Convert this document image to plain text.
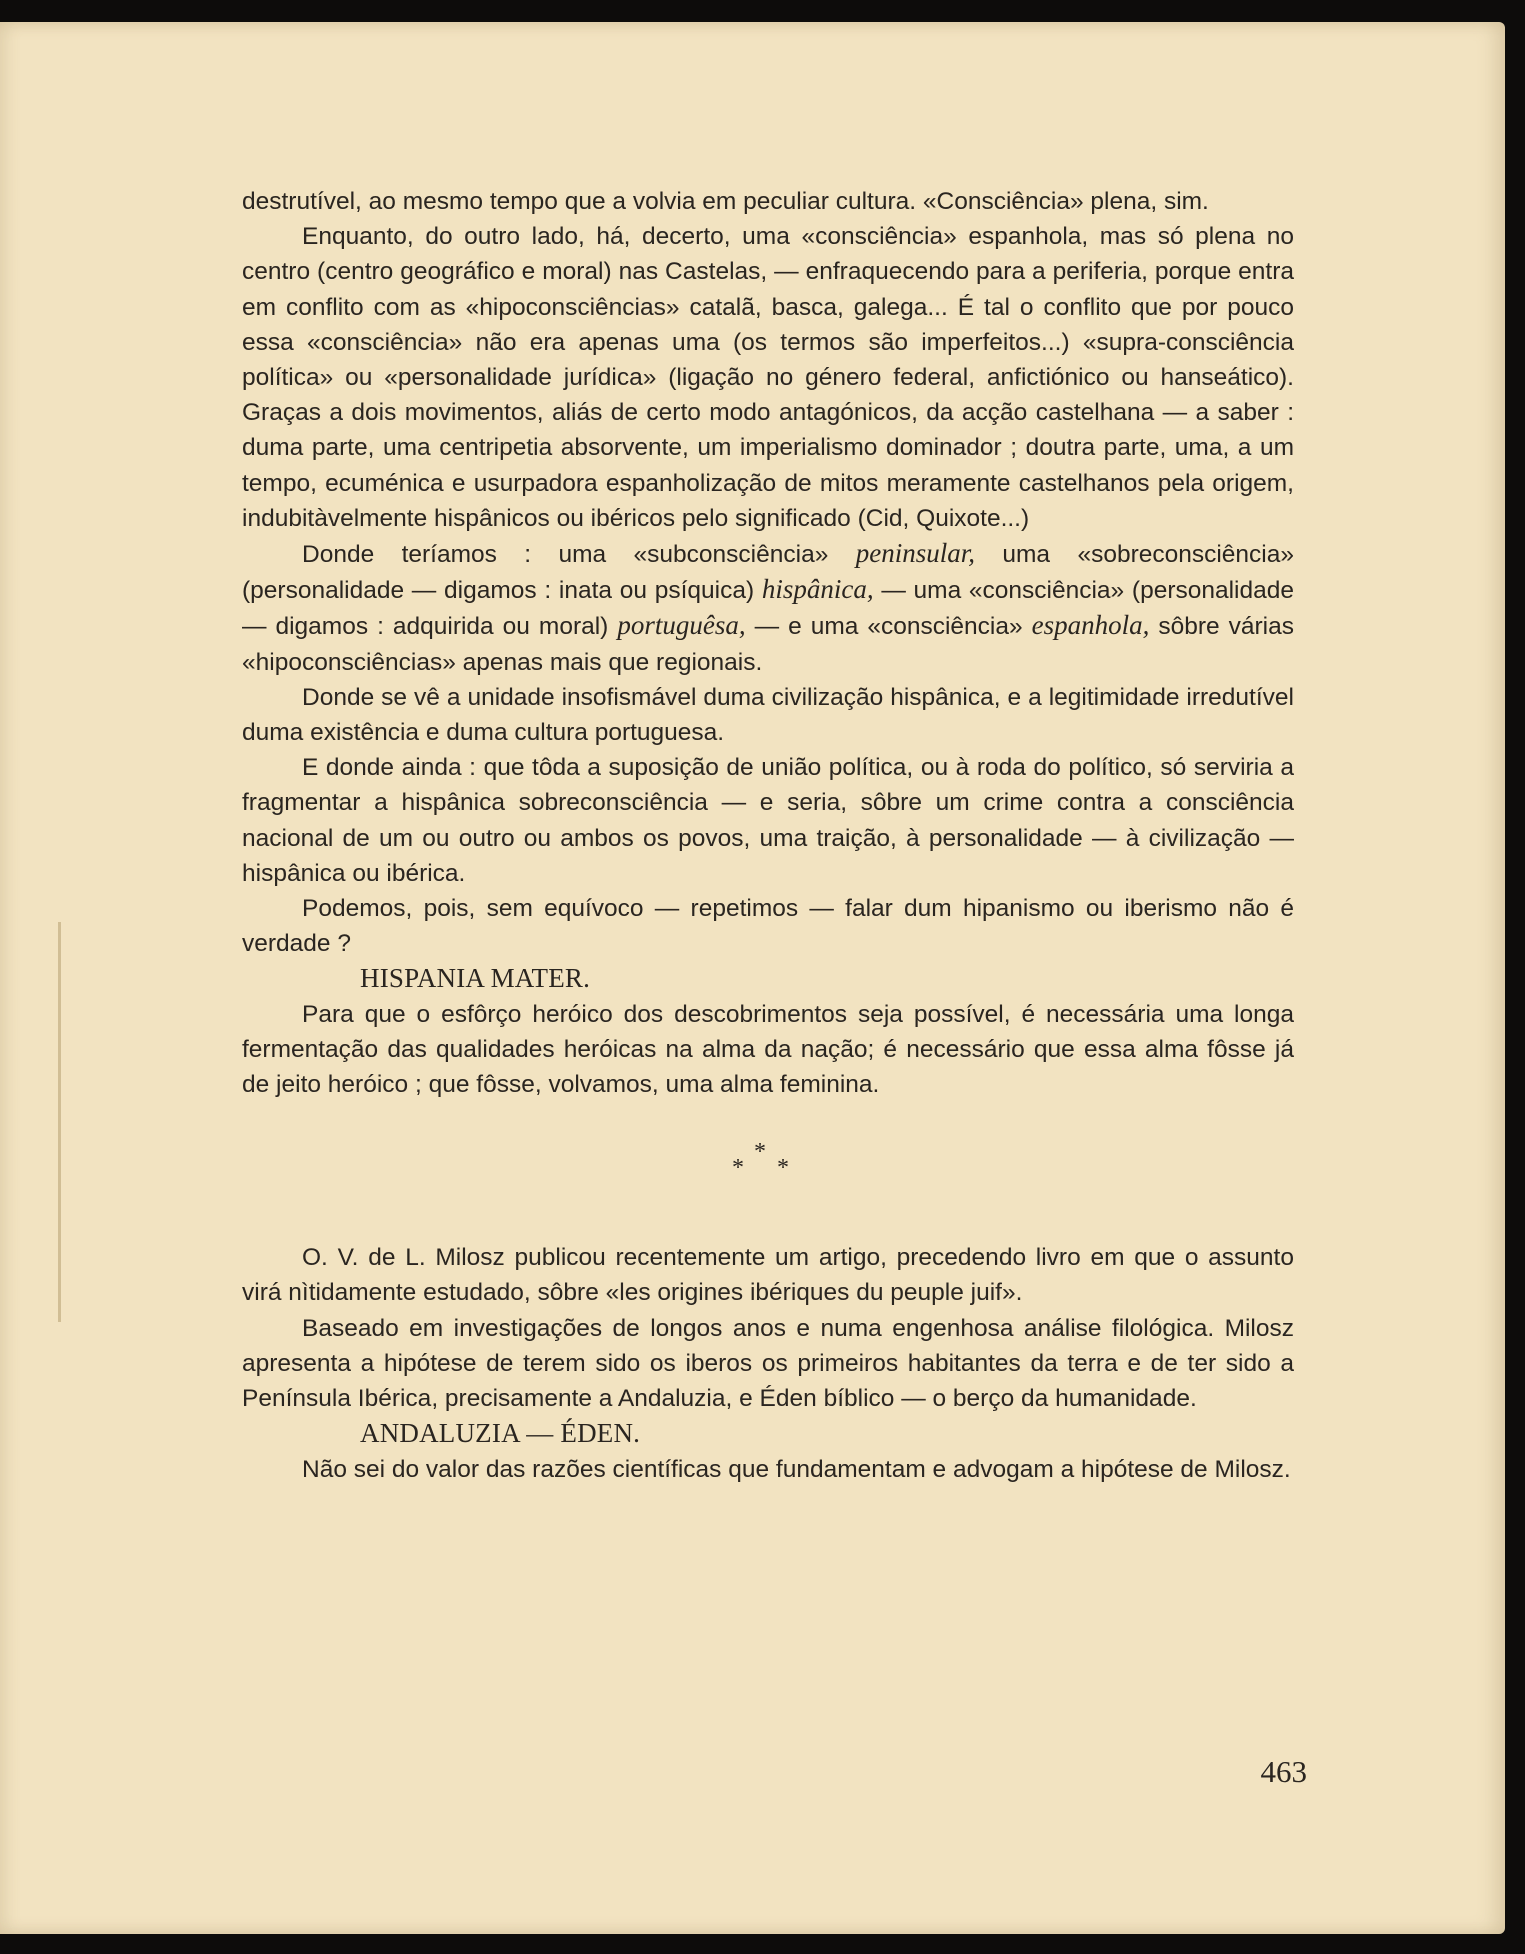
destrutível, ao mesmo tempo que a volvia em peculiar cultura. «Consciência» plena, sim.

Enquanto, do outro lado, há, decerto, uma «consciência» espanhola, mas só plena no centro (centro geográfico e moral) nas Castelas, — enfraquecendo para a periferia, porque entra em conflito com as «hipoconsciências» catalã, basca, galega... É tal o conflito que por pouco essa «consciência» não era apenas uma (os termos são imperfeitos...) «supra-consciência política» ou «personalidade jurídica» (ligação no género federal, anfictiónico ou hanseático). Graças a dois movimentos, aliás de certo modo antagónicos, da acção castelhana — a saber : duma parte, uma centripetia absorvente, um imperialismo dominador ; doutra parte, uma, a um tempo, ecuménica e usurpadora espanholização de mitos meramente castelhanos pela origem, indubitàvelmente hispânicos ou ibéricos pelo significado (Cid, Quixote...)

Donde teríamos : uma «subconsciência» peninsular, uma «sobreconsciência» (personalidade — digamos : inata ou psíquica) hispânica, — uma «consciência» (personalidade — digamos : adquirida ou moral) portuguêsa, — e uma «consciência» espanhola, sôbre várias «hipoconsciências» apenas mais que regionais.

Donde se vê a unidade insofismável duma civilização hispânica, e a legitimidade irredutível duma existência e duma cultura portuguesa.

E donde ainda : que tôda a suposição de união política, ou à roda do político, só serviria a fragmentar a hispânica sobreconsciência — e seria, sôbre um crime contra a consciência nacional de um ou outro ou ambos os povos, uma traição, à personalidade — à civilização — hispânica ou ibérica.

Podemos, pois, sem equívoco — repetimos — falar dum hipanismo ou iberismo não é verdade ?

HISPANIA MATER.

Para que o esfôrço heróico dos descobrimentos seja possível, é necessária uma longa fermentação das qualidades heróicas na alma da nação; é necessário que essa alma fôsse já de jeito heróico ; que fôsse, volvamos, uma alma feminina.

*
* *

O. V. de L. Milosz publicou recentemente um artigo, precedendo livro em que o assunto virá nìtidamente estudado, sôbre «les origines ibériques du peuple juif».

Baseado em investigações de longos anos e numa engenhosa análise filológica. Milosz apresenta a hipótese de terem sido os iberos os primeiros habitantes da terra e de ter sido a Península Ibérica, precisamente a Andaluzia, e Éden bíblico — o berço da humanidade.

ANDALUZIA — ÉDEN.

Não sei do valor das razões científicas que fundamentam e advogam a hipótese de Milosz.

463
